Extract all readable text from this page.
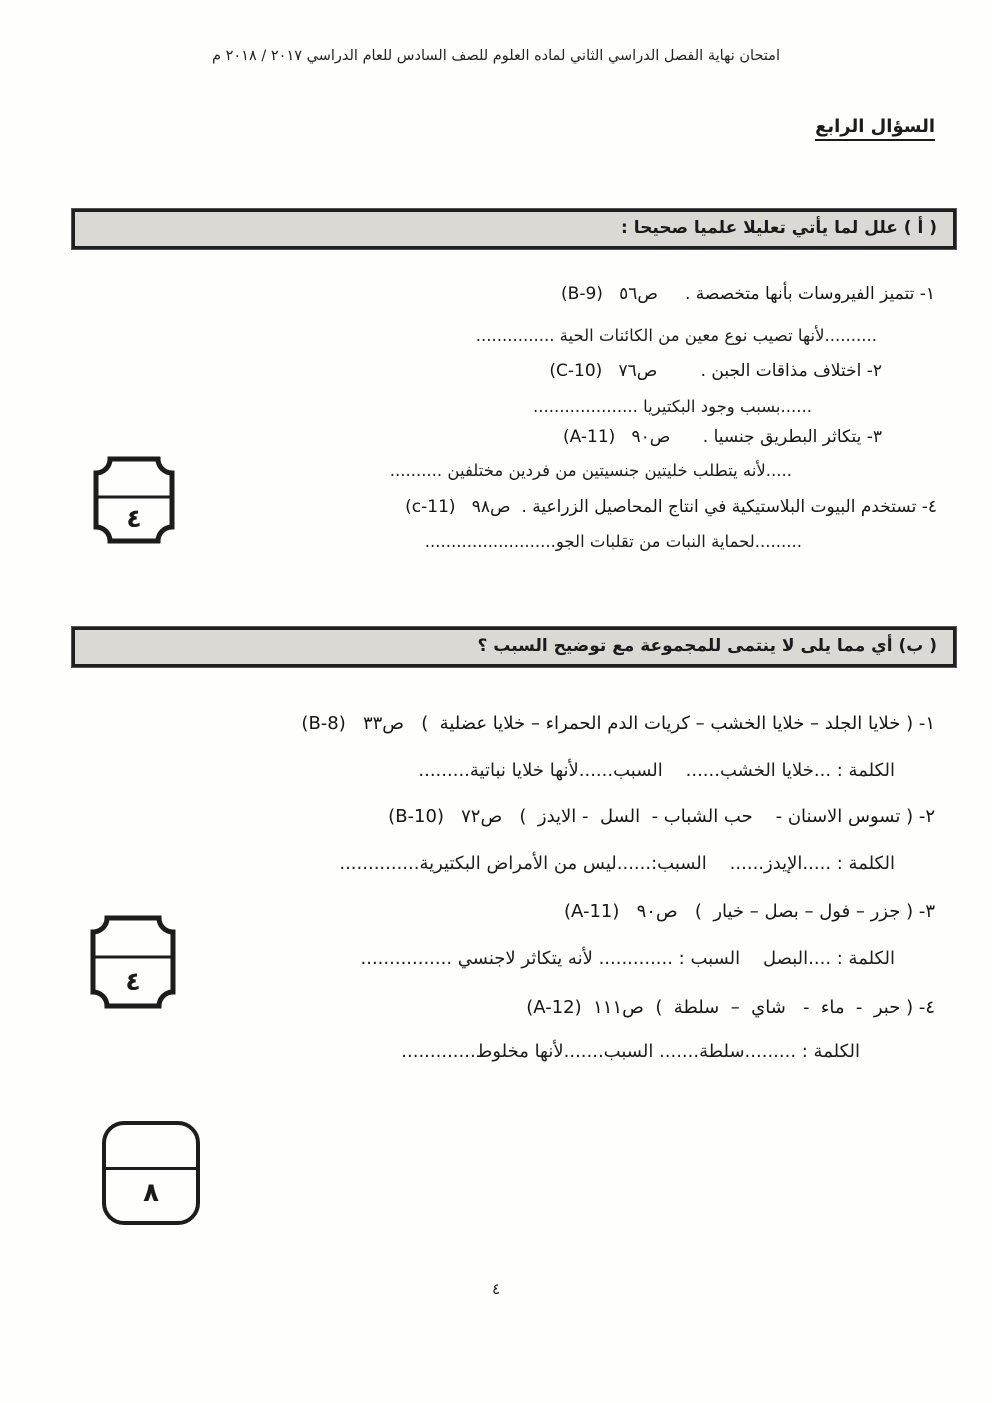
امتحان نهاية الفصل الدراسي الثاني لماده العلوم للصف السادس للعام الدراسي ٢٠١٧ / ٢٠١٨ م
السؤال الرابع
( أ ) علل لما يأتي تعليلا علميا صحيحا :
١- تتميز الفيروسات بأنها متخصصة .     ص٥٦   ‎(B-9)‎
..........لأنها تصيب نوع معين من الكائنات الحية ...............
٢- اختلاف مذاقات الجبن .        ص٧٦   ‎(C-10)‎
......بسبب وجود البكتيريا ....................
٣- يتكاثر البطريق جنسيا .      ص٩٠   ‎(A-11)‎
.....لأنه يتطلب خليتين جنسيتين من فردين مختلفين ..........
٤- تستخدم البيوت البلاستيكية في انتاج المحاصيل الزراعية .  ص٩٨   ‎(c-11)‎
.........لحماية النبات من تقلبات الجو.........................
٤
( ب) أي مما يلى لا ينتمى للمجموعة مع توضيح السبب ؟
١- ( خلايا الجلد – خلايا الخشب – كريات الدم الحمراء – خلايا عضلية  )   ص٣٣   ‎(B-8)‎
الكلمة : ...خلايا الخشب......    السبب......لأنها خلايا نباتية.........
٢- ( تسوس الاسنان -    حب الشباب -  السل  - الايدز  )   ص٧٢   ‎(B-10)‎
الكلمة : .....الإيدز......    السبب:......ليس من الأمراض البكتيرية..............
٣- ( جزر – فول – بصل – خيار  )   ص٩٠   ‎(A-11)‎
الكلمة : ....البصل    السبب : ............. لأنه يتكاثر لاجنسي ................
٤- ( حبر  -  ماء  -   شاي  –  سلطة  )  ص١١١  ‎(A-12)‎
الكلمة : .........سلطة....... السبب.......لأنها مخلوط.............
٤
٨
٤
